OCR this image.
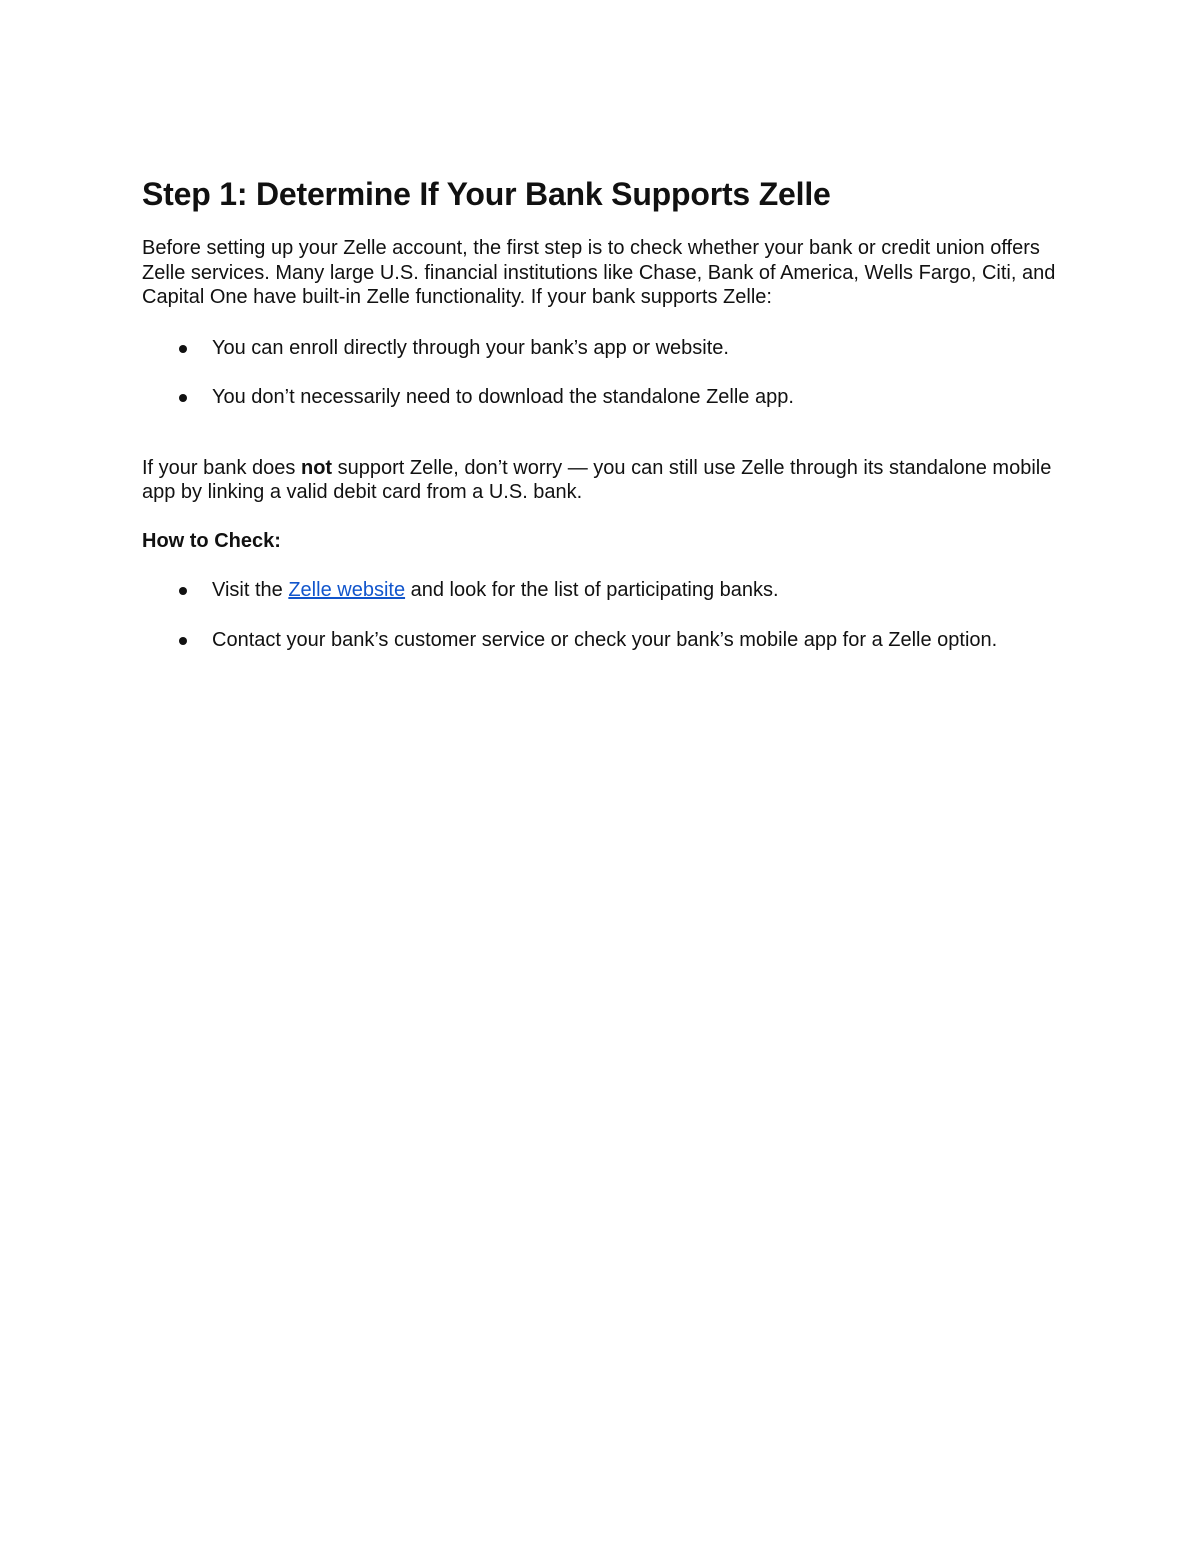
Step 1: Determine If Your Bank Supports Zelle

Before setting up your Zelle account, the first step is to check whether your bank or credit union offers Zelle services. Many large U.S. financial institutions like Chase, Bank of America, Wells Fargo, Citi, and Capital One have built-in Zelle functionality. If your bank supports Zelle:

You can enroll directly through your bank’s app or website.
You don’t necessarily need to download the standalone Zelle app.

If your bank does not support Zelle, don’t worry — you can still use Zelle through its standalone mobile app by linking a valid debit card from a U.S. bank.

How to Check:

Visit the Zelle website and look for the list of participating banks.
Contact your bank’s customer service or check your bank’s mobile app for a Zelle option.
